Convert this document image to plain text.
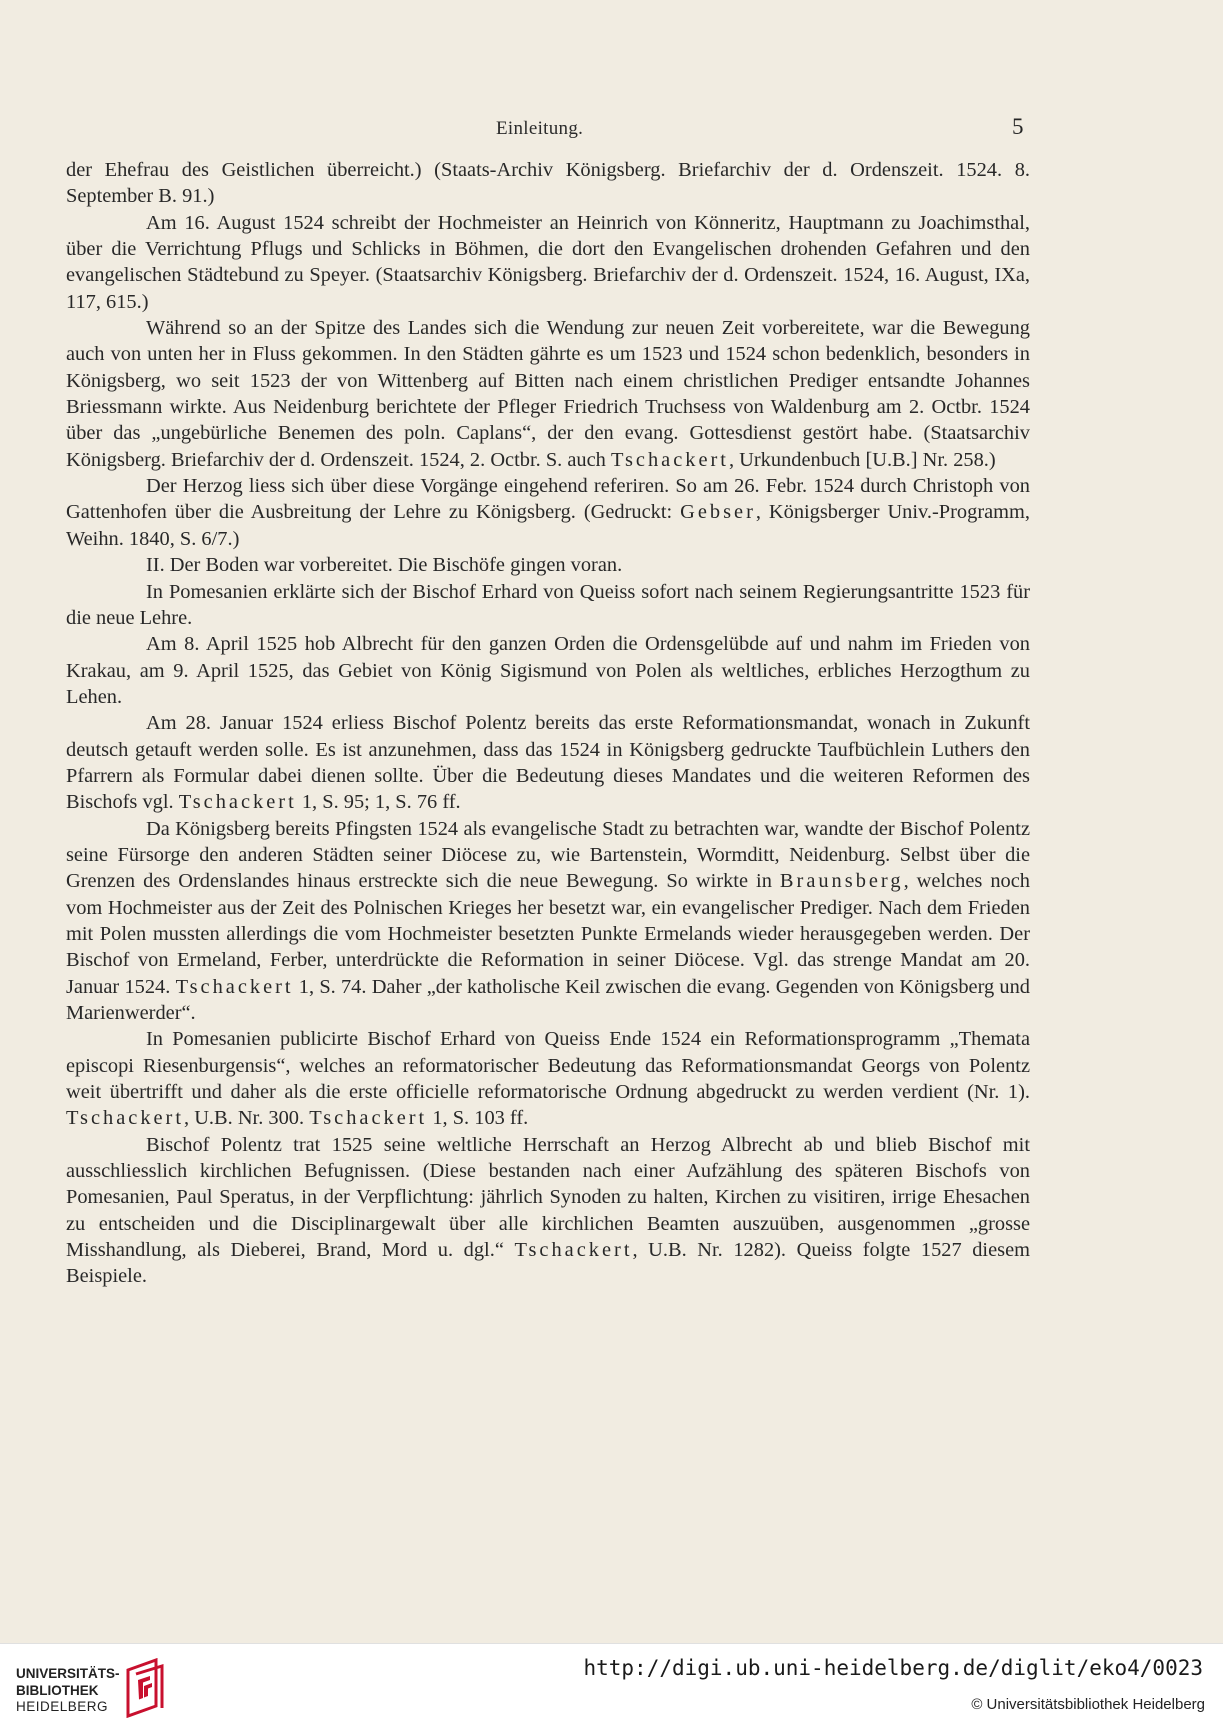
Einleitung.	5

der Ehefrau des Geistlichen überreicht.) (Staats-Archiv Königsberg. Briefarchiv der d. Ordenszeit. 1524. 8. September B. 91.)

Am 16. August 1524 schreibt der Hochmeister an Heinrich von Könneritz, Hauptmann zu Joachimsthal, über die Verrichtung Pflugs und Schlicks in Böhmen, die dort den Evangelischen drohenden Gefahren und den evangelischen Städtebund zu Speyer. (Staatsarchiv Königsberg. Briefarchiv der d. Ordenszeit. 1524, 16. August, IXa, 117, 615.)

Während so an der Spitze des Landes sich die Wendung zur neuen Zeit vorbereitete, war die Bewegung auch von unten her in Fluss gekommen. In den Städten gährte es um 1523 und 1524 schon bedenklich, besonders in Königsberg, wo seit 1523 der von Wittenberg auf Bitten nach einem christlichen Prediger entsandte Johannes Briessmann wirkte. Aus Neidenburg berichtete der Pfleger Friedrich Truchsess von Waldenburg am 2. Octbr. 1524 über das „ungebürliche Benemen des poln. Caplans“, der den evang. Gottesdienst gestört habe. (Staatsarchiv Königsberg. Briefarchiv der d. Ordenszeit. 1524, 2. Octbr. S. auch Tschackert, Urkundenbuch [U.B.] Nr. 258.)

Der Herzog liess sich über diese Vorgänge eingehend referiren. So am 26. Febr. 1524 durch Christoph von Gattenhofen über die Ausbreitung der Lehre zu Königsberg. (Gedruckt: Gebser, Königsberger Univ.-Programm, Weihn. 1840, S. 6/7.)

II. Der Boden war vorbereitet. Die Bischöfe gingen voran.

In Pomesanien erklärte sich der Bischof Erhard von Queiss sofort nach seinem Regierungsantritte 1523 für die neue Lehre.

Am 8. April 1525 hob Albrecht für den ganzen Orden die Ordensgelübde auf und nahm im Frieden von Krakau, am 9. April 1525, das Gebiet von König Sigismund von Polen als weltliches, erbliches Herzogthum zu Lehen.

Am 28. Januar 1524 erliess Bischof Polentz bereits das erste Reformationsmandat, wonach in Zukunft deutsch getauft werden solle. Es ist anzunehmen, dass das 1524 in Königsberg gedruckte Taufbüchlein Luthers den Pfarrern als Formular dabei dienen sollte. Über die Bedeutung dieses Mandates und die weiteren Reformen des Bischofs vgl. Tschackert 1, S. 95; 1, S. 76 ff.

Da Königsberg bereits Pfingsten 1524 als evangelische Stadt zu betrachten war, wandte der Bischof Polentz seine Fürsorge den anderen Städten seiner Diöcese zu, wie Bartenstein, Wormditt, Neidenburg. Selbst über die Grenzen des Ordenslandes hinaus erstreckte sich die neue Bewegung. So wirkte in Braunsberg, welches noch vom Hochmeister aus der Zeit des Polnischen Krieges her besetzt war, ein evangelischer Prediger. Nach dem Frieden mit Polen mussten allerdings die vom Hochmeister besetzten Punkte Ermelands wieder herausgegeben werden. Der Bischof von Ermeland, Ferber, unterdrückte die Reformation in seiner Diöcese. Vgl. das strenge Mandat am 20. Januar 1524. Tschackert 1, S. 74. Daher „der katholische Keil zwischen die evang. Gegenden von Königsberg und Marienwerder“.

In Pomesanien publicirte Bischof Erhard von Queiss Ende 1524 ein Reformationsprogramm „Themata episcopi Riesenburgensis“, welches an reformatorischer Bedeutung das Reformationsmandat Georgs von Polentz weit übertrifft und daher als die erste officielle reformatorische Ordnung abgedruckt zu werden verdient (Nr. 1). Tschackert, U.B. Nr. 300. Tschackert 1, S. 103 ff.

Bischof Polentz trat 1525 seine weltliche Herrschaft an Herzog Albrecht ab und blieb Bischof mit ausschliesslich kirchlichen Befugnissen. (Diese bestanden nach einer Aufzählung des späteren Bischofs von Pomesanien, Paul Speratus, in der Verpflichtung: jährlich Synoden zu halten, Kirchen zu visitiren, irrige Ehesachen zu entscheiden und die Disciplinargewalt über alle kirchlichen Beamten auszuüben, ausgenommen „grosse Misshandlung, als Dieberei, Brand, Mord u. dgl.“ Tschackert, U.B. Nr. 1282). Queiss folgte 1527 diesem Beispiele.

UNIVERSITÄTS-
BIBLIOTHEK
HEIDELBERG
http://digi.ub.uni-heidelberg.de/diglit/eko4/0023
© Universitätsbibliothek Heidelberg
